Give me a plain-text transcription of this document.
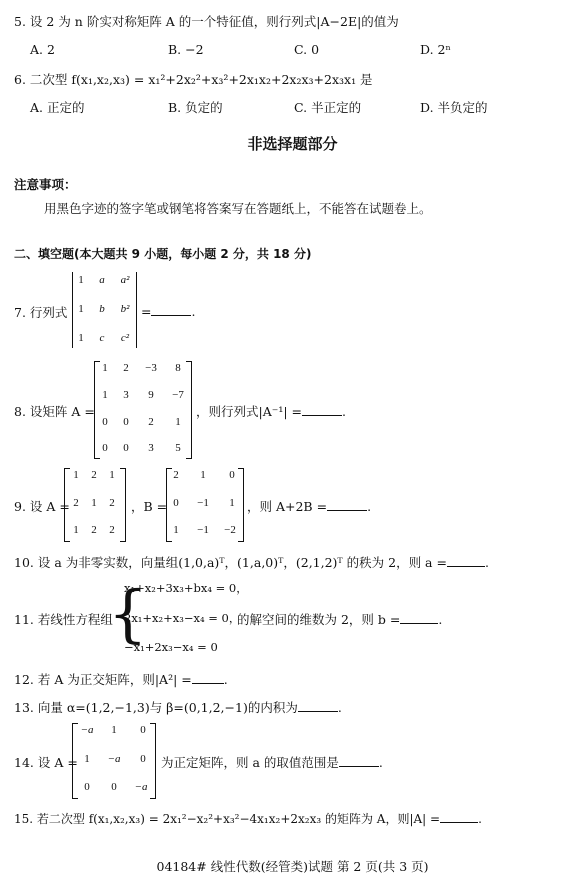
5. 设 2 为 n 阶实对称矩阵 A 的一个特征值，则行列式|A−2E|的值为
A. 2	B. −2	C. 0	D. 2ⁿ
6. 二次型 f(x₁,x₂,x₃) = x₁²+2x₂²+x₃²+2x₁x₂+2x₂x₃+2x₃x₁ 是
A. 正定的	B. 负定的	C. 半正定的	D. 半负定的
非选择题部分
注意事项：
用黑色字迹的签字笔或钢笔将答案写在答题纸上，不能答在试题卷上。
二、填空题(本大题共 9 小题，每小题 2 分，共 18 分)
7. 行列式
1	a	a²
1	b	b²
1	c	c²
=	.
8. 设矩阵 A =
1	2	−3	8
1	3	9	−7
0	0	2	1
0	0	3	5
，则行列式|A⁻¹| =	.
9. 设 A =
1	2	1
2	1	2
1	2	2
，B =
2	1	0
0	−1	1
1	−1 −2
，则 A+2B =	.
10. 设 a 为非零实数，向量组(1,0,a)ᵀ，(1,a,0)ᵀ，(2,1,2)ᵀ 的秩为 2，则 a =	.
11. 若线性方程组
{
x₁+x₂+3x₃+bx₄ = 0，
2x₁+x₂+x₃−x₄ = 0，
−x₁+2x₃−x₄ = 0
的解空间的维数为 2，则 b =	.
12. 若 A 为正交矩阵，则|A²| =	.
13. 向量 α=(1,2,−1,3)与 β=(0,1,2,−1)的内积为	.
14. 设 A =
−a	1	0
1	−a	0
0	0	−a
为正定矩阵，则 a 的取值范围是	.
15. 若二次型 f(x₁,x₂,x₃) = 2x₁²−x₂²+x₃²−4x₁x₂+2x₂x₃ 的矩阵为 A，则|A| =	.
04184# 线性代数(经管类)试题 第 2 页(共 3 页)
